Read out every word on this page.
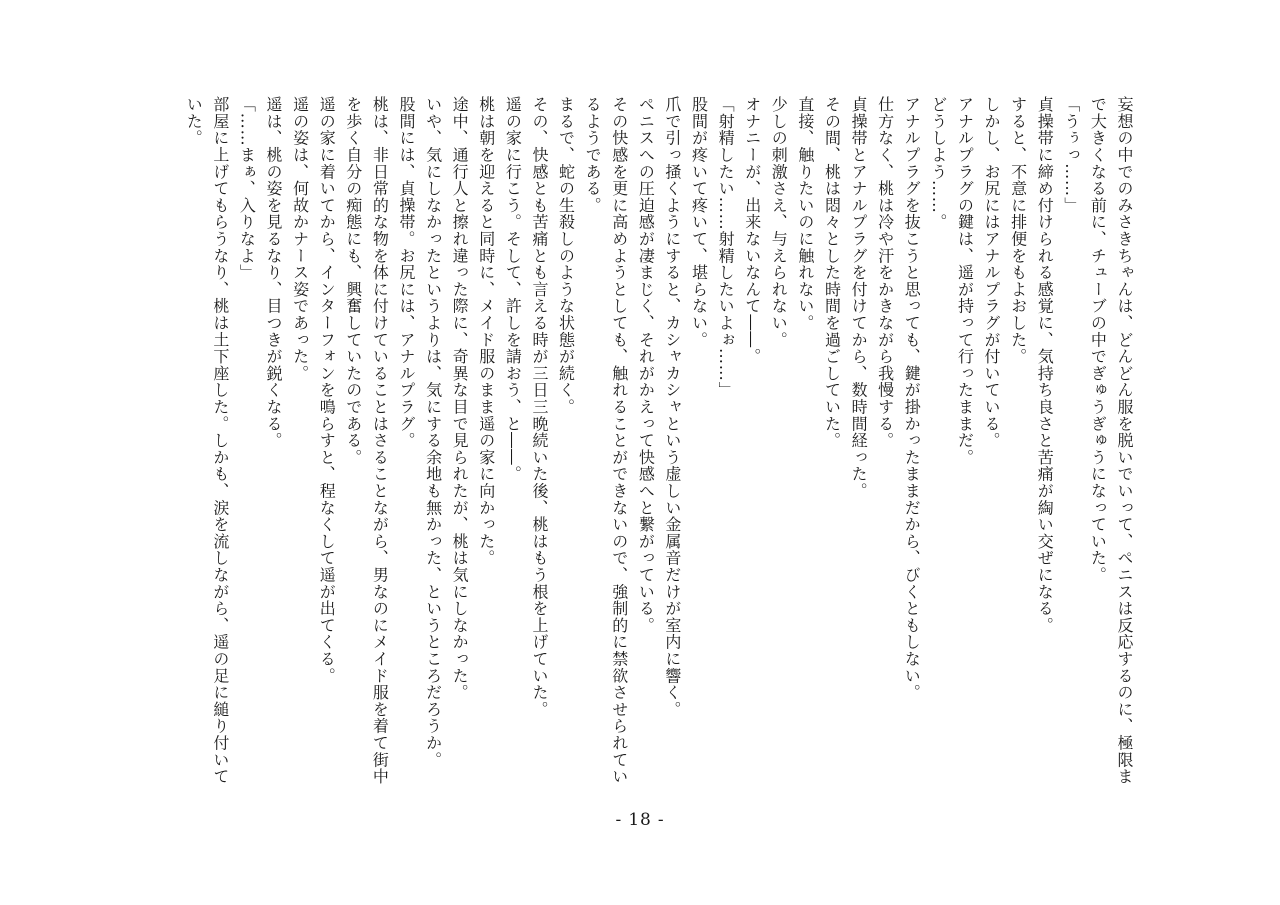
妄想の中でのみさきちゃんは、どんどん服を脱いでいって、ペニスは反応するのに、極限まで大きくなる前に、チューブの中でぎゅうぎゅうになっていた。

「うぅっ……」

貞操帯に締め付けられる感覚に、気持ち良さと苦痛が綯い交ぜになる。

すると、不意に排便をもよおした。

しかし、お尻にはアナルプラグが付いている。

アナルプラグの鍵は、遥が持って行ったままだ。

どうしよう……。

アナルプラグを抜こうと思っても、鍵が掛かったままだから、びくともしない。

仕方なく、桃は冷や汗をかきながら我慢する。

貞操帯とアナルプラグを付けてから、数時間経った。

その間、桃は悶々とした時間を過ごしていた。

直接、触りたいのに触れない。

少しの刺激さえ、与えられない。

オナニーが、出来ないなんて――。

「射精したい……射精したいよぉ……」

股間が疼いて疼いて、堪らない。

爪で引っ掻くようにすると、カシャカシャという虚しい金属音だけが室内に響く。

ペニスへの圧迫感が凄まじく、それがかえって快感へと繋がっている。

その快感を更に高めようとしても、触れることができないので、強制的に禁欲させられているようである。

まるで、蛇の生殺しのような状態が続く。

その、快感とも苦痛とも言える時が三日三晩続いた後、桃はもう根を上げていた。

遥の家に行こう。そして、許しを請おう、と――。

桃は朝を迎えると同時に、メイド服のまま遥の家に向かった。

途中、通行人と擦れ違った際に、奇異な目で見られたが、桃は気にしなかった。

いや、気にしなかったというよりは、気にする余地も無かった、というところだろうか。

股間には、貞操帯。お尻には、アナルプラグ。

桃は、非日常的な物を体に付けていることはさることながら、男なのにメイド服を着て街中を歩く自分の痴態にも、興奮していたのである。

遥の家に着いてから、インターフォンを鳴らすと、程なくして遥が出てくる。

遥の姿は、何故かナース姿であった。

遥は、桃の姿を見るなり、目つきが鋭くなる。

「……まぁ、入りなよ」

部屋に上げてもらうなり、桃は土下座した。しかも、涙を流しながら、遥の足に縋り付いていた。

- 18 -
